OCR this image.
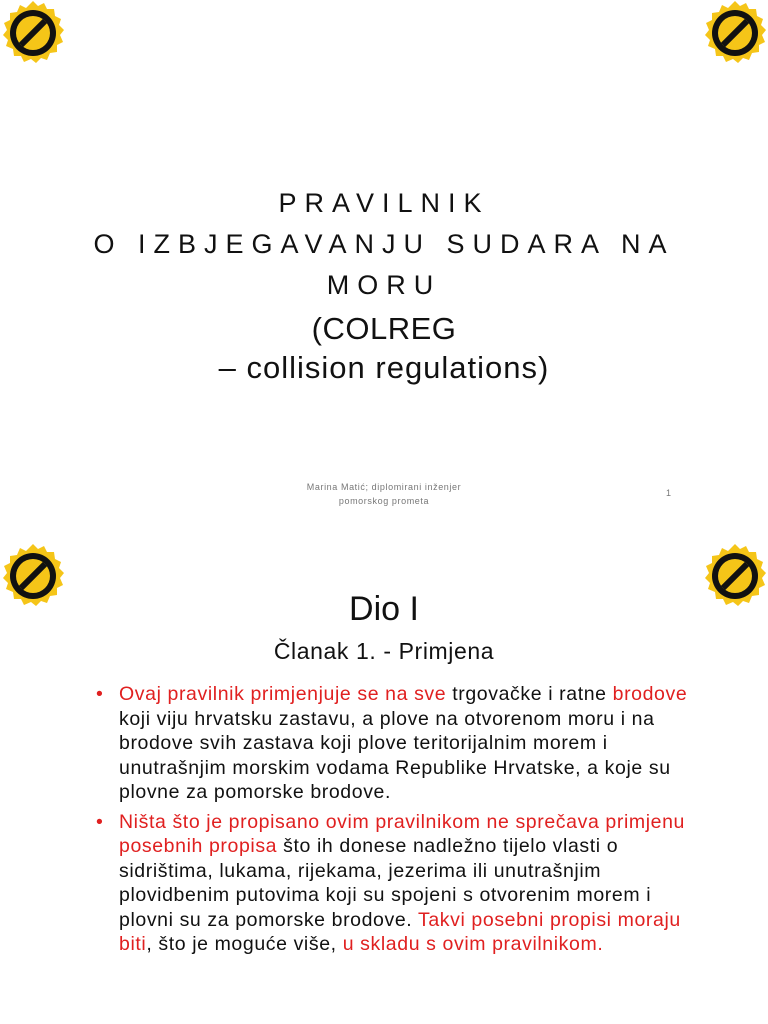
PRAVILNIK
O IZBJEGAVANJU SUDARA NA
MORU
(COLREG
– collision regulations)
Marina Matić; diplomirani inženjer
pomorskog prometa
1
Dio I
Članak 1. - Primjena
• Ovaj pravilnik primjenjuje se na sve trgovačke i ratne brodove koji viju hrvatsku zastavu, a plove na otvorenom moru i na brodove svih zastava koji plove teritorijalnim morem i unutrašnjim morskim vodama Republike Hrvatske, a koje su plovne za pomorske brodove.
• Ništa što je propisano ovim pravilnikom ne sprečava primjenu posebnih propisa što ih donese nadležno tijelo vlasti o sidrištima, lukama, rijekama, jezerima ili unutrašnjim plovidbenim putovima koji su spojeni s otvorenim morem i plovni su za pomorske brodove. Takvi posebni propisi moraju biti, što je moguće više, u skladu s ovim pravilnikom.
